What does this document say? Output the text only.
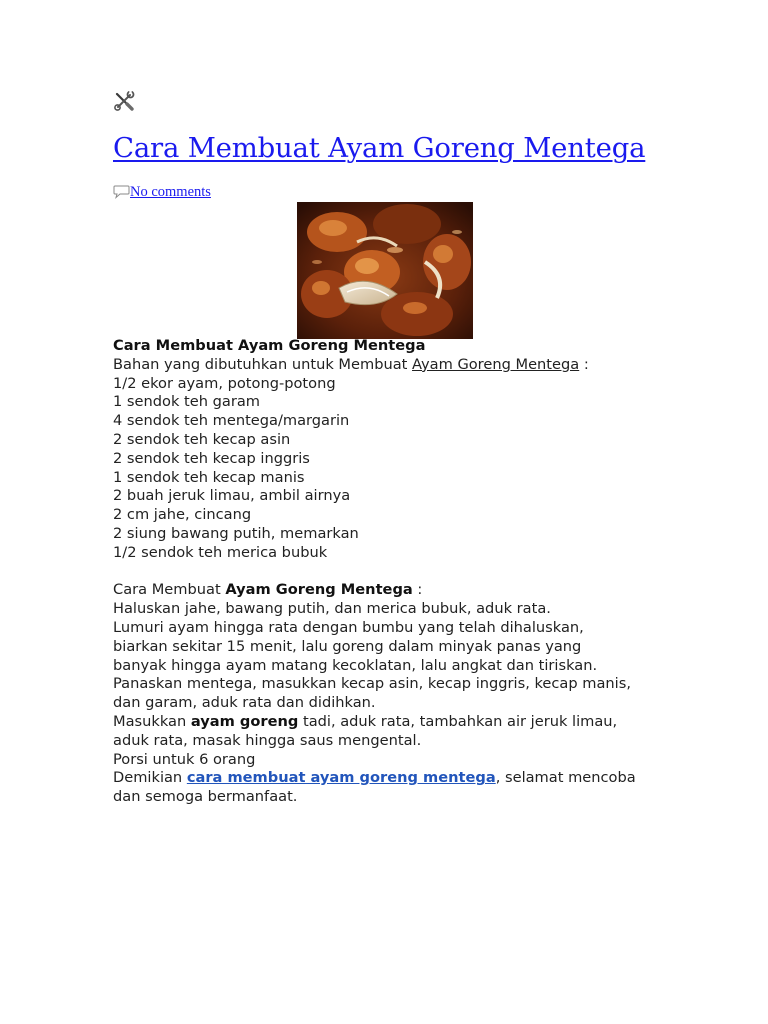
Cara Membuat Ayam Goreng Mentega
No comments
Cara Membuat Ayam Goreng Mentega
Bahan yang dibutuhkan untuk Membuat Ayam Goreng Mentega :
1/2 ekor ayam, potong-potong
1 sendok teh garam
4 sendok teh mentega/margarin
2 sendok teh kecap asin
2 sendok teh kecap inggris
1 sendok teh kecap manis
2 buah jeruk limau, ambil airnya
2 cm jahe, cincang
2 siung bawang putih, memarkan
1/2 sendok teh merica bubuk
Cara Membuat Ayam Goreng Mentega :
Haluskan jahe, bawang putih, dan merica bubuk, aduk rata.
Lumuri ayam hingga rata dengan bumbu yang telah dihaluskan,
biarkan sekitar 15 menit, lalu goreng dalam minyak panas yang
banyak hingga ayam matang kecoklatan, lalu angkat dan tiriskan.
Panaskan mentega, masukkan kecap asin, kecap inggris, kecap manis,
dan garam, aduk rata dan didihkan.
Masukkan ayam goreng tadi, aduk rata, tambahkan air jeruk limau,
aduk rata, masak hingga saus mengental.
Porsi untuk 6 orang
Demikian cara membuat ayam goreng mentega, selamat mencoba
dan semoga bermanfaat.
